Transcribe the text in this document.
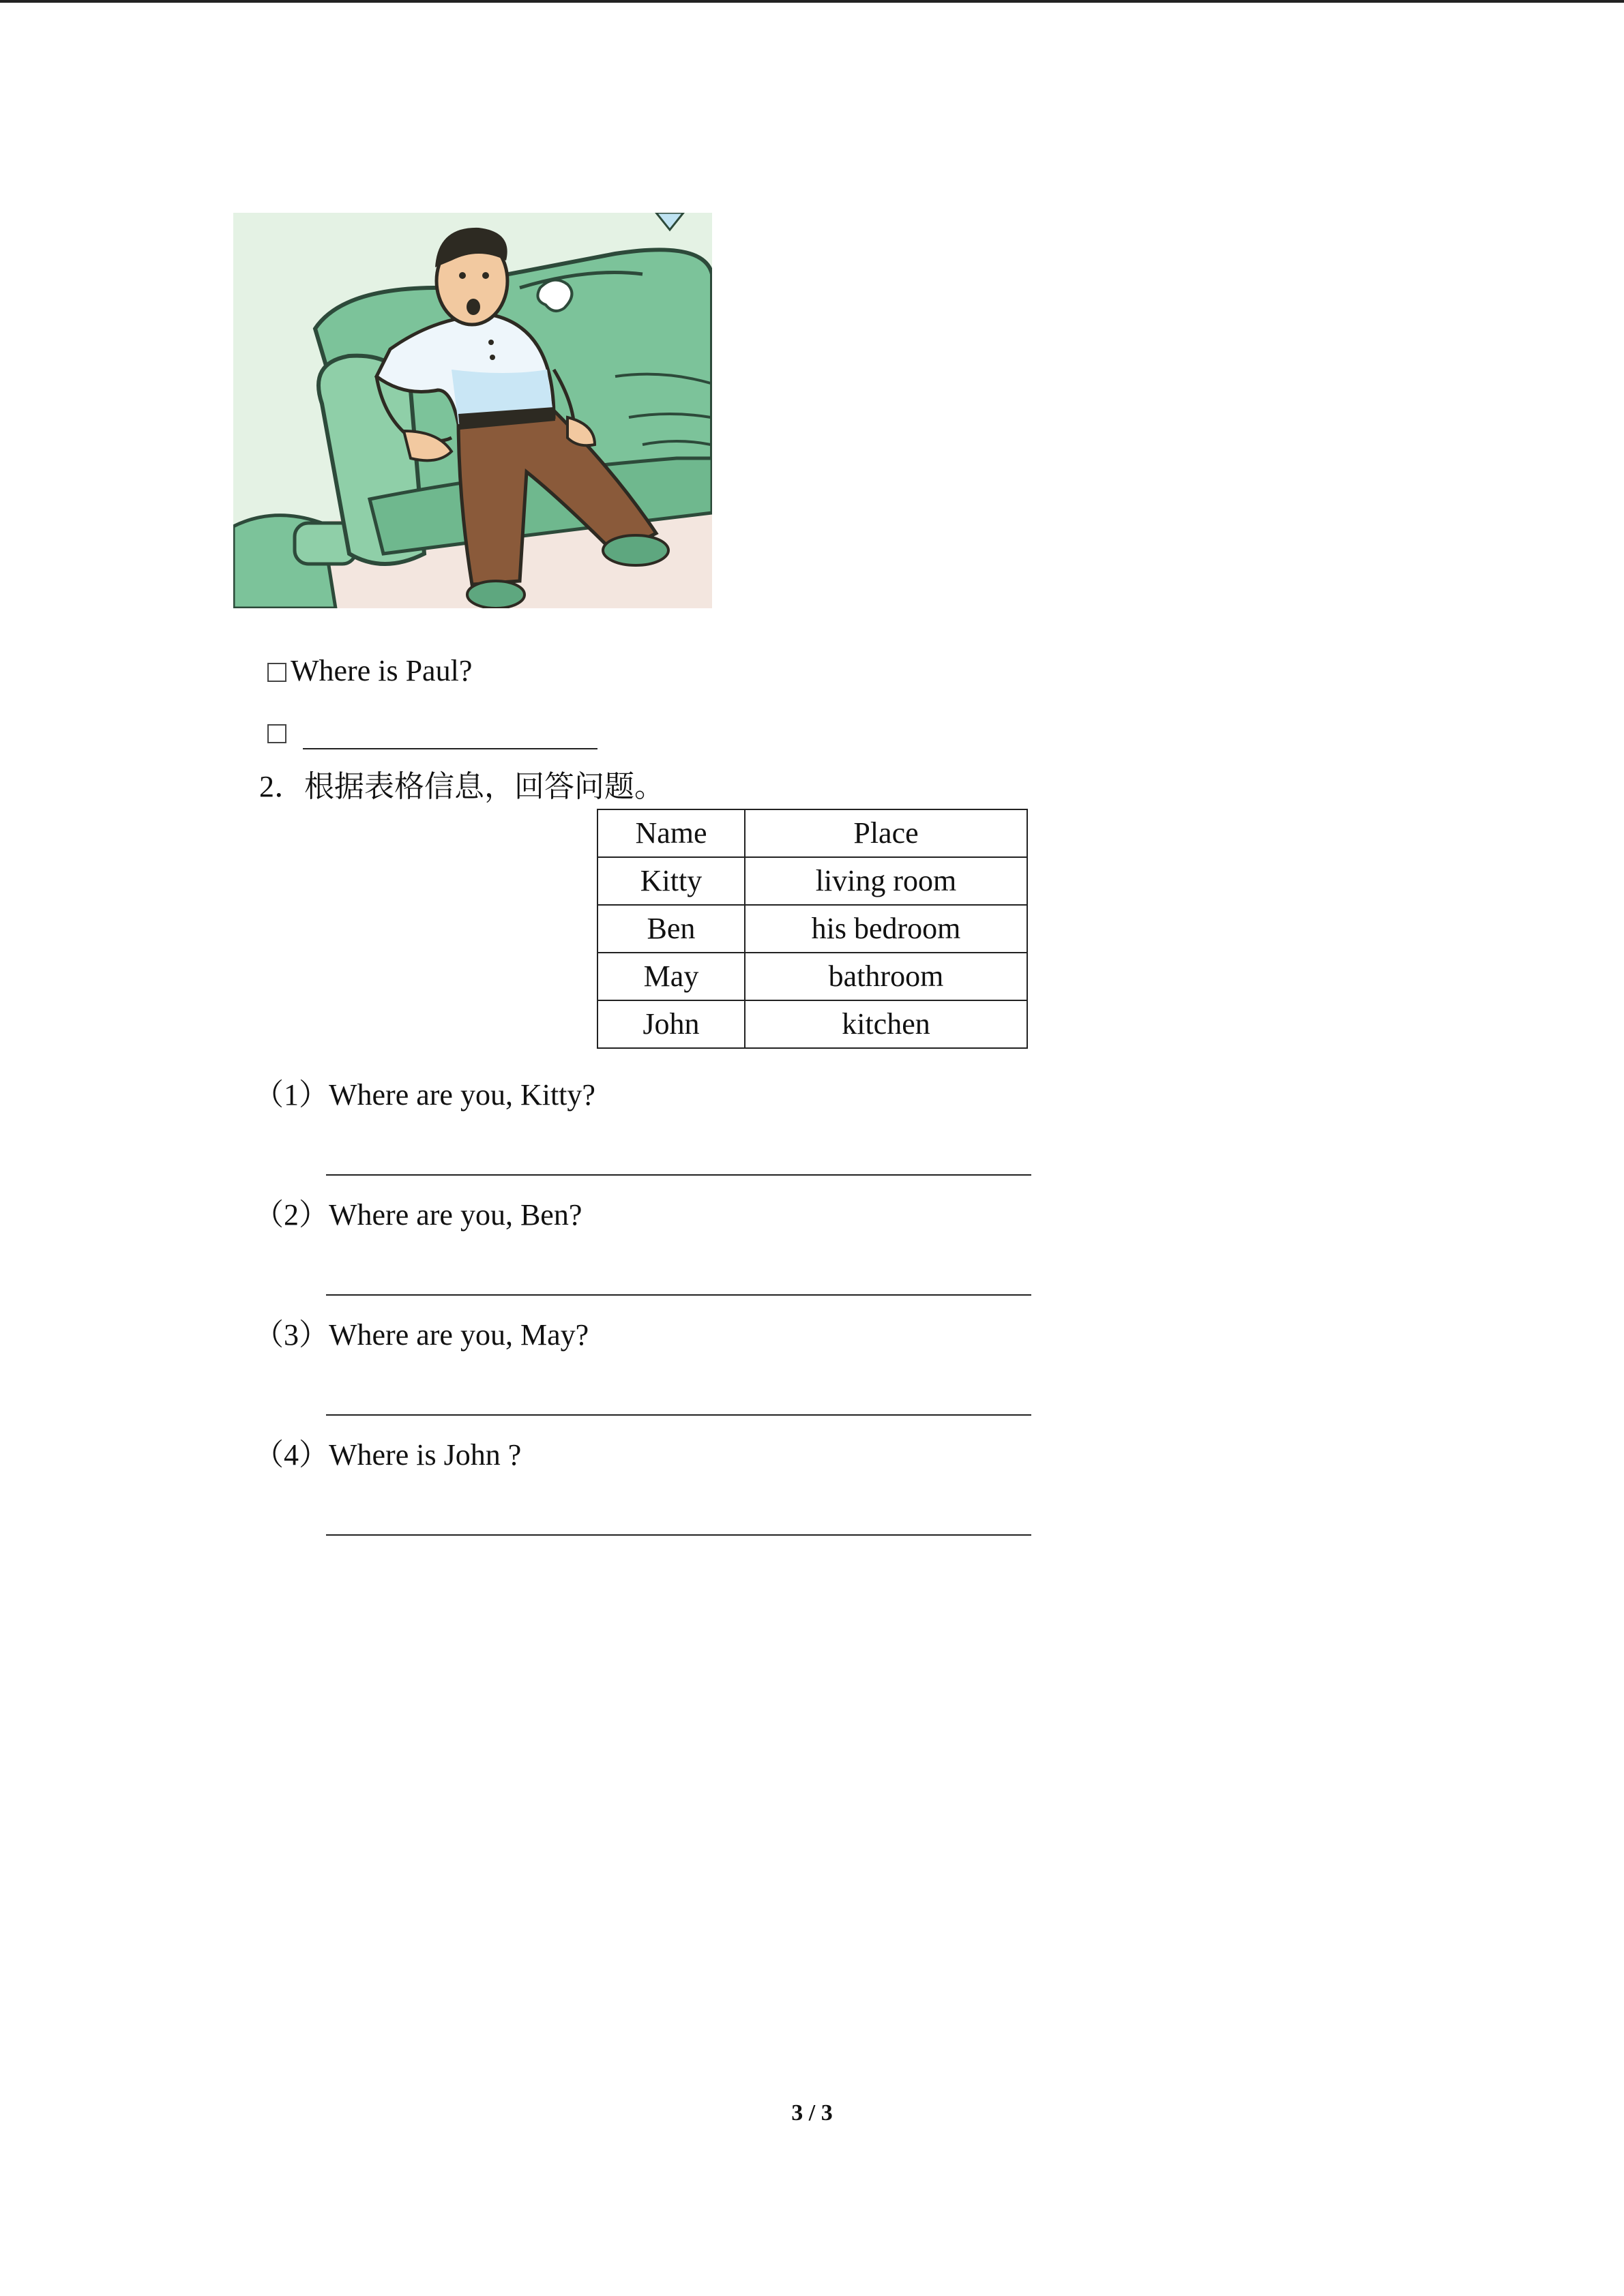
Where is Paul?
2．根据表格信息，回答问题。
Name	Place
Kitty	living room
Ben	his bedroom
May	bathroom
John	kitchen
（1）Where are you, Kitty?
（2）Where are you, Ben?
（3）Where are you, May?
（4）Where is John ?
3 / 3
